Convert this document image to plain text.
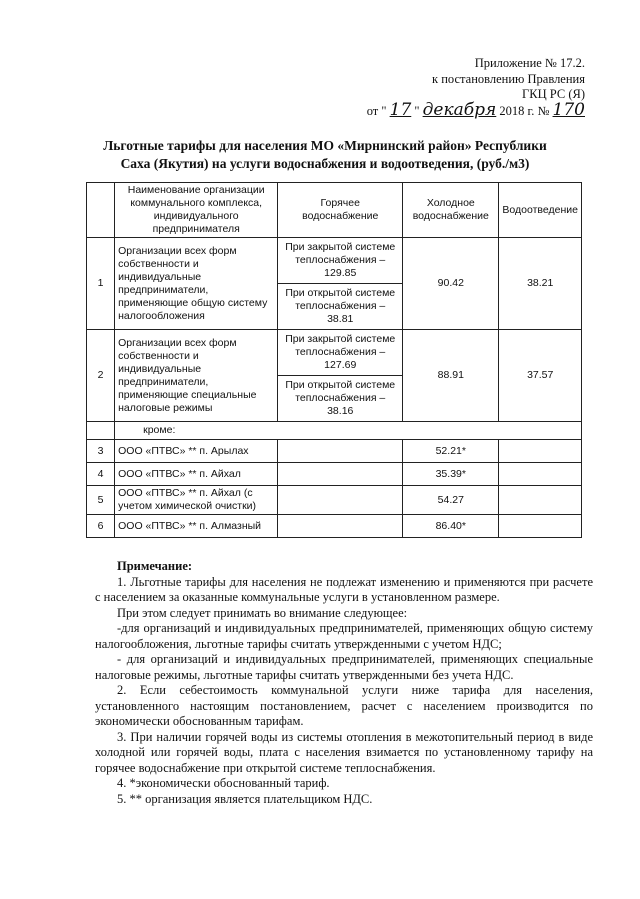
Приложение № 17.2.
к постановлению Правления
ГКЦ РС (Я)
от " 17 " декабря 2018 г. № 170
Льготные тарифы для населения МО «Мирнинский район» Республики Саха (Якутия) на услуги водоснабжения и водоотведения, (руб./м3)
	Наименование организации коммунального комплекса, индивидуального предпринимателя	Горячее водоснабжение	Холодное водоснабжение	Водоотведение
1	Организации всех форм собственности и индивидуальные предприниматели, применяющие общую систему налогообложения	При закрытой системе теплоснабжения – 129.85	90.42	38.21
		При открытой системе теплоснабжения – 38.81		
2	Организации всех форм собственности и индивидуальные предприниматели, применяющие специальные налоговые режимы	При закрытой системе теплоснабжения – 127.69	88.91	37.57
		При открытой системе теплоснабжения – 38.16		
	кроме:			
3	ООО «ПТВС» ** п. Арылах		52.21*	
4	ООО «ПТВС» ** п. Айхал		35.39*	
5	ООО «ПТВС» ** п. Айхал (с учетом химической очистки)		54.27	
6	ООО «ПТВС» ** п. Алмазный		86.40*	

Примечание:

1. Льготные тарифы для населения не подлежат изменению и применяются при расчете с населением за оказанные коммунальные услуги в установленном размере.

При этом следует принимать во внимание следующее:

-для организаций и индивидуальных предпринимателей, применяющих общую систему налогообложения, льготные тарифы считать утвержденными с учетом НДС;

- для организаций и индивидуальных предпринимателей, применяющих специальные налоговые режимы, льготные тарифы считать утвержденными без учета НДС.

2. Если себестоимость коммунальной услуги ниже тарифа для населения, установленного настоящим постановлением, расчет с населением производится по экономически обоснованным тарифам.

3. При наличии горячей воды из системы отопления в межотопительный период в виде холодной или горячей воды, плата с населения взимается по установленному тарифу на горячее водоснабжение при открытой системе теплоснабжения.

4. *экономически обоснованный тариф.

5. ** организация является плательщиком НДС.
